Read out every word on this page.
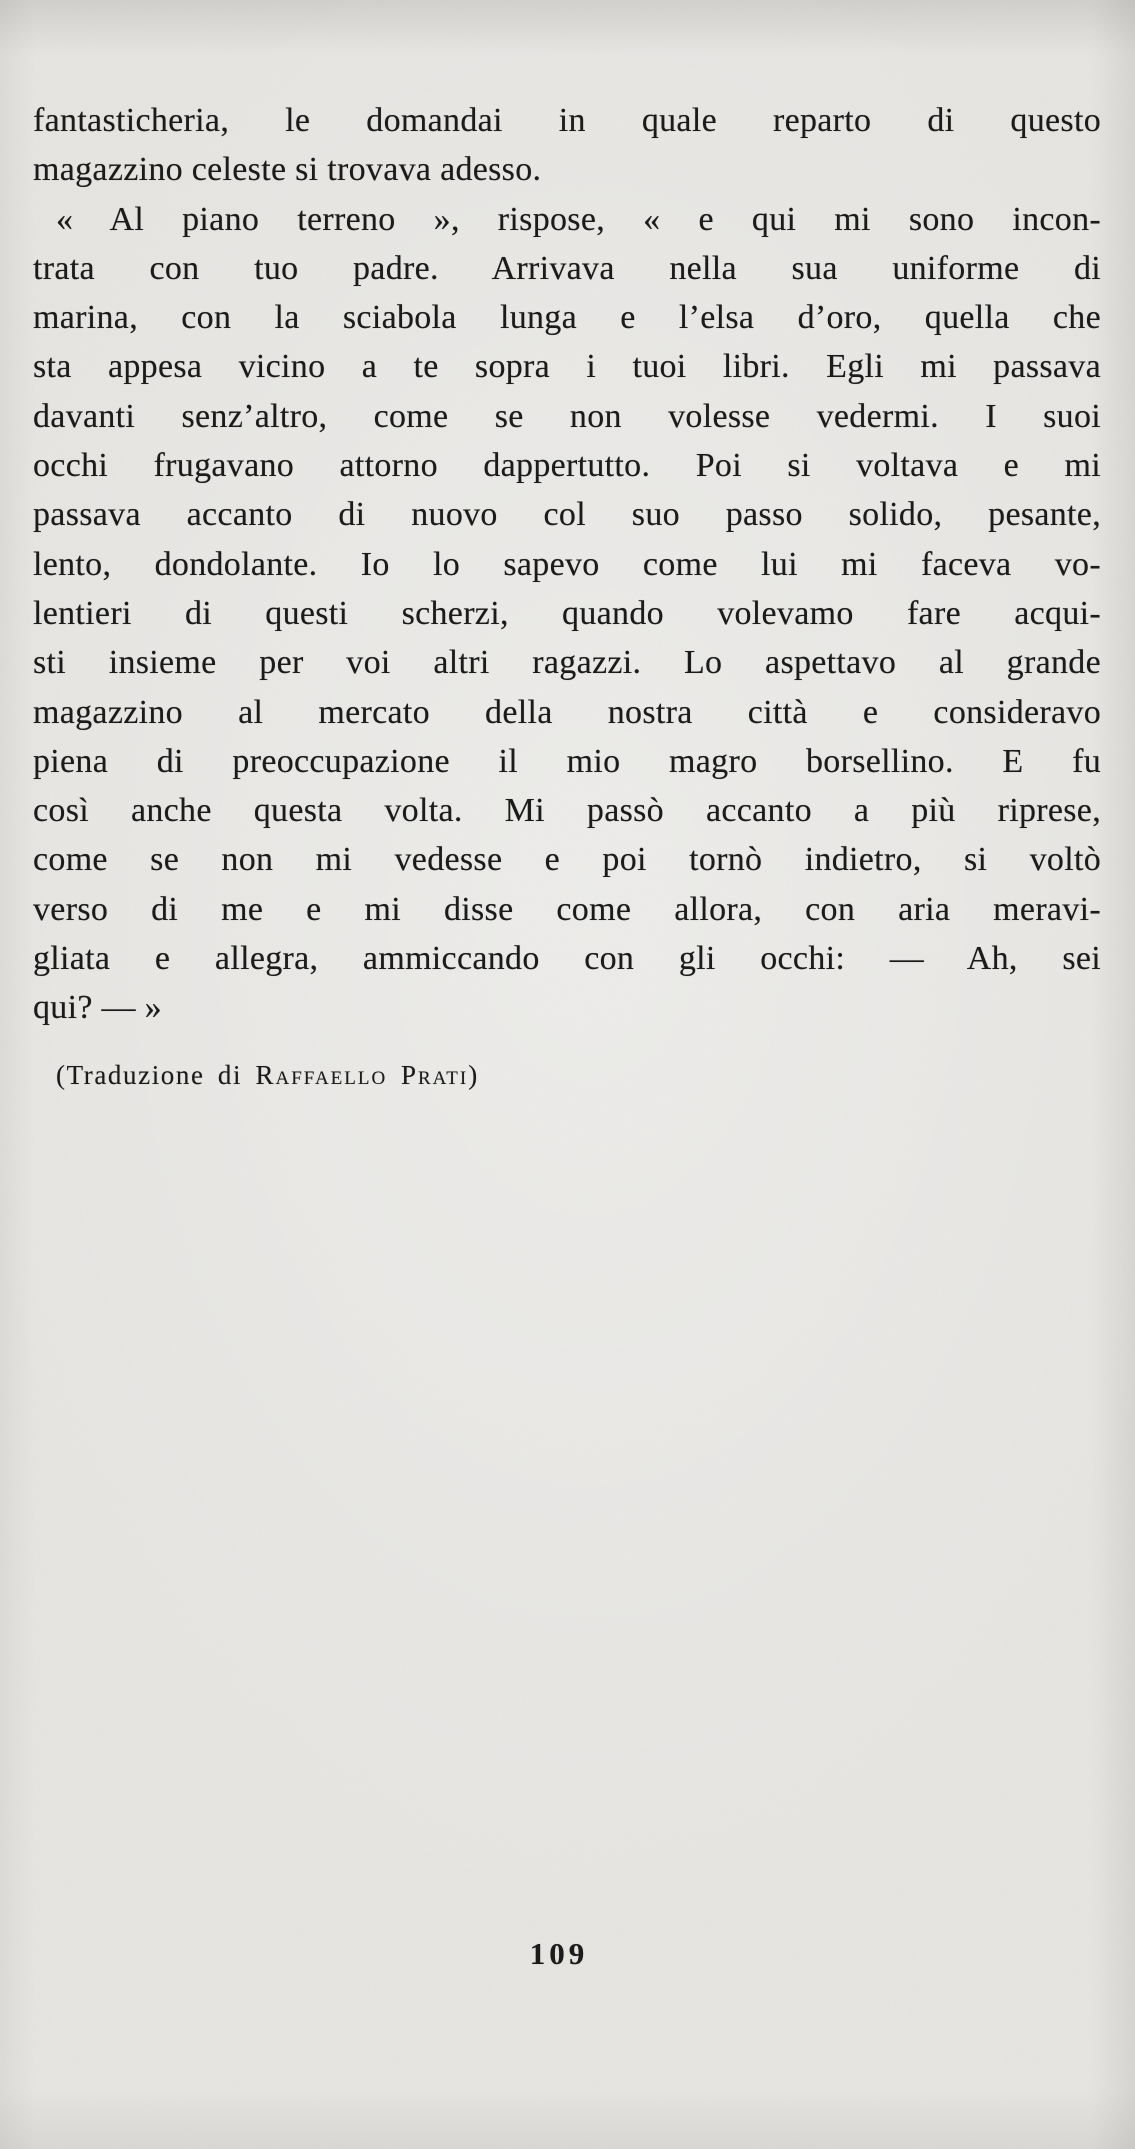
fantasticheria, le domandai in quale reparto di questo
magazzino celeste si trovava adesso.
« Al piano terreno », rispose, « e qui mi sono incon-
trata con tuo padre. Arrivava nella sua uniforme di
marina, con la sciabola lunga e l’elsa d’oro, quella che
sta appesa vicino a te sopra i tuoi libri. Egli mi passava
davanti senz’altro, come se non volesse vedermi. I suoi
occhi frugavano attorno dappertutto. Poi si voltava e mi
passava accanto di nuovo col suo passo solido, pesante,
lento, dondolante. Io lo sapevo come lui mi faceva vo-
lentieri di questi scherzi, quando volevamo fare acqui-
sti insieme per voi altri ragazzi. Lo aspettavo al grande
magazzino al mercato della nostra città e consideravo
piena di preoccupazione il mio magro borsellino. E fu
così anche questa volta. Mi passò accanto a più riprese,
come se non mi vedesse e poi tornò indietro, si voltò
verso di me e mi disse come allora, con aria meravi-
gliata e allegra, ammiccando con gli occhi: — Ah, sei
qui? — »
(Traduzione di Raffaello Prati)
109
